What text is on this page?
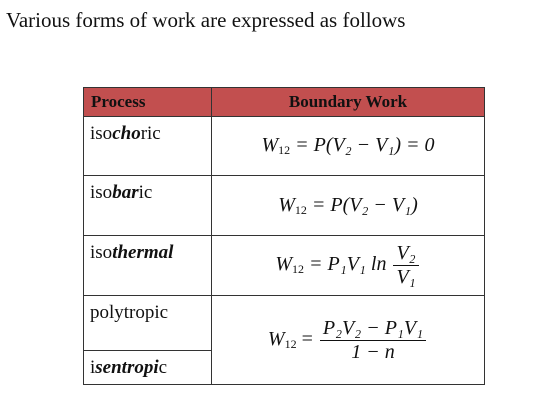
Various forms of work are expressed as follows
Process	Boundary Work
isochoric	$W_{12} = P(V_2 - V_1) = 0$
isobaric	$W_{12} = P(V_2 - V_1)$
isothermal	$W_{12} = P_1V_1$ $\ln \frac{\text{V₂}}{\text{V₁}}$

polytropic	$W_{12} = \frac{\text{P₂V₂ − P₁V₁}}{1 - n}$

isentropic	
